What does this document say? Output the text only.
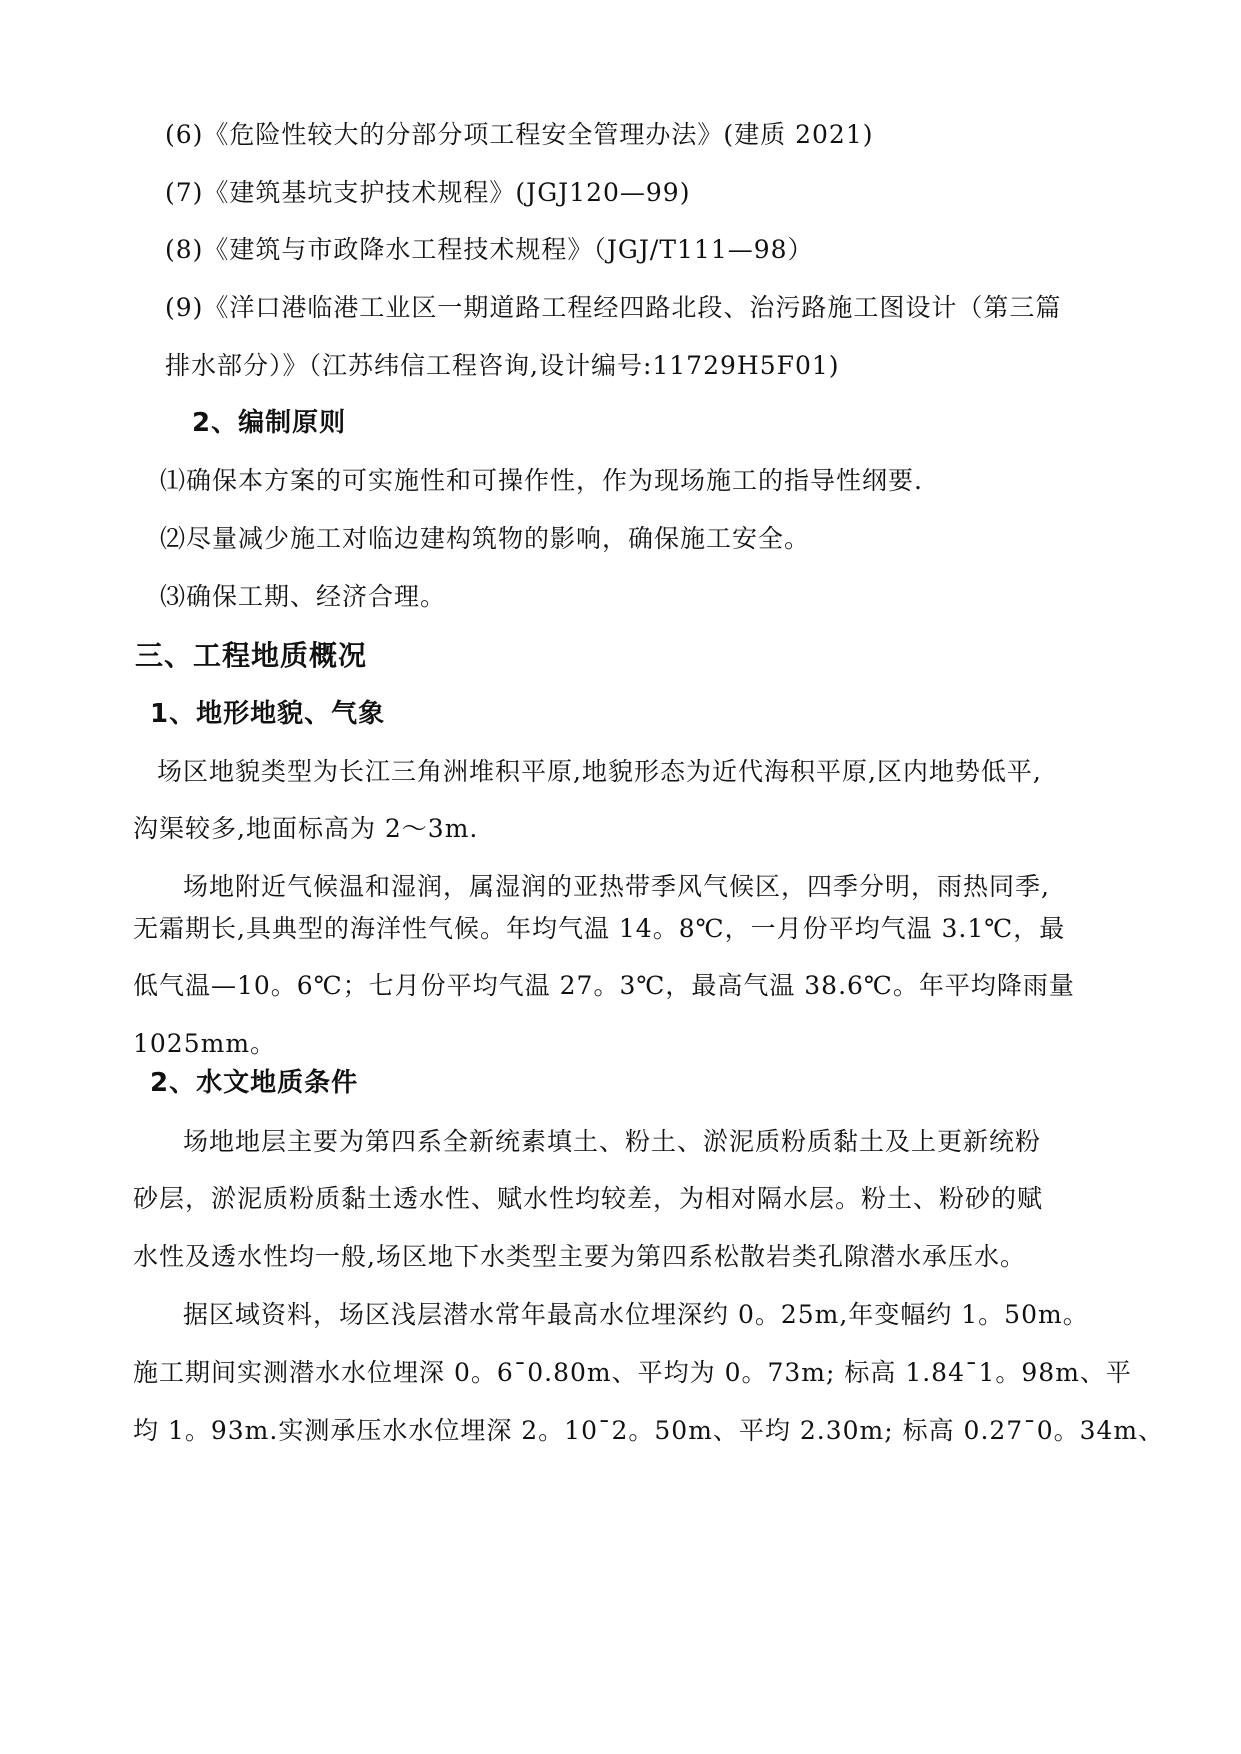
(6)《危险性较大的分部分项工程安全管理办法》(建质 2021)
(7)《建筑基坑支护技术规程》(JGJ120—99)
(8)《建筑与市政降水工程技术规程》（JGJ/T111—98）
(9)《洋口港临港工业区一期道路工程经四路北段、治污路施工图设计（第三篇
排水部分）》（江苏纬信工程咨询,设计编号:11729H5F01)
2、编制原则
⑴确保本方案的可实施性和可操作性，作为现场施工的指导性纲要.
⑵尽量减少施工对临边建构筑物的影响，确保施工安全。
⑶确保工期、经济合理。
三、工程地质概况
1、地形地貌、气象
场区地貌类型为长江三角洲堆积平原,地貌形态为近代海积平原,区内地势低平,
沟渠较多,地面标高为 2～3m.
场地附近气候温和湿润，属湿润的亚热带季风气候区，四季分明，雨热同季,
无霜期长,具典型的海洋性气候。年均气温 14。8℃，一月份平均气温 3.1℃，最
低气温—10。6℃；七月份平均气温 27。3℃，最高气温 38.6℃。年平均降雨量
1025mm。
2、水文地质条件
场地地层主要为第四系全新统素填土、粉土、淤泥质粉质黏土及上更新统粉
砂层，淤泥质粉质黏土透水性、赋水性均较差，为相对隔水层。粉土、粉砂的赋
水性及透水性均一般,场区地下水类型主要为第四系松散岩类孔隙潜水承压水。
据区域资料，场区浅层潜水常年最高水位埋深约 0。25m,年变幅约 1。50m。
施工期间实测潜水水位埋深 0。6¯0.80m、平均为 0。73m; 标高 1.84¯1。98m、平
均 1。93m.实测承压水水位埋深 2。10¯2。50m、平均 2.30m; 标高 0.27¯0。34m、
